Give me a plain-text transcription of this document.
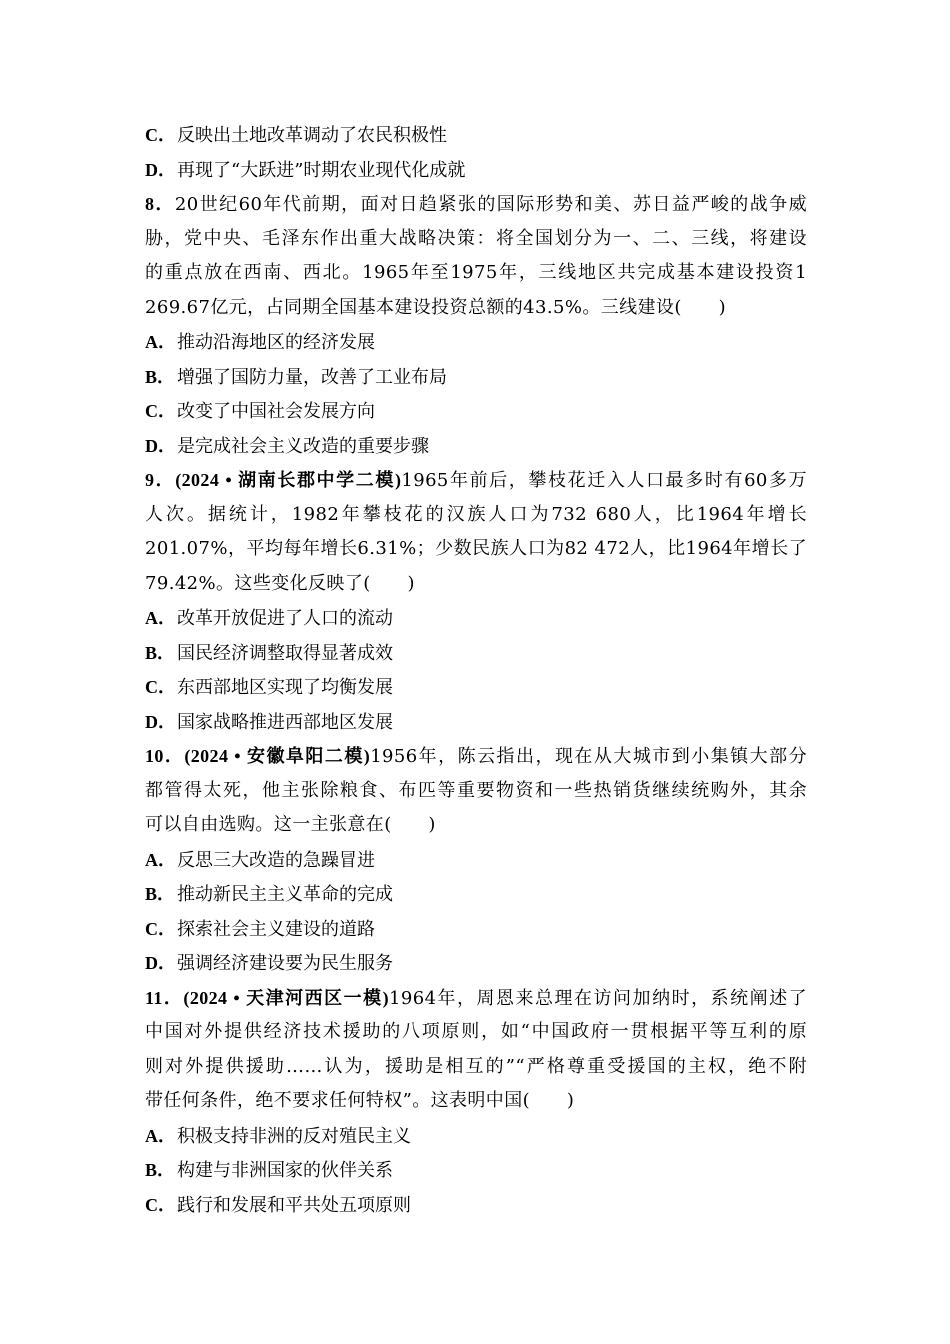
C．反映出土地改革调动了农民积极性
D．再现了“大跃进”时期农业现代化成就
8．20世纪60年代前期，面对日趋紧张的国际形势和美、苏日益严峻的战争威
胁，党中央、毛泽东作出重大战略决策：将全国划分为一、二、三线，将建设
的重点放在西南、西北。1965年至1975年，三线地区共完成基本建设投资1
269.67亿元，占同期全国基本建设投资总额的43.5%。三线建设(　　)
A．推动沿海地区的经济发展
B． 增强了国防力量，改善了工业布局
C．改变了中国社会发展方向
D．是完成社会主义改造的重要步骤
9．(2024 • 湖南长郡中学二模)1965年前后，攀枝花迁入人口最多时有60多万
人次。据统计，1982年攀枝花的汉族人口为732 680人，比1964年增长
201.07%，平均每年增长6.31%；少数民族人口为82 472人，比1964年增长了
79.42%。这些变化反映了(　　)
A．改革开放促进了人口的流动
B． 国民经济调整取得显著成效
C．东西部地区实现了均衡发展
D．国家战略推进西部地区发展
10．(2024 • 安徽阜阳二模)1956年，陈云指出，现在从大城市到小集镇大部分
都管得太死，他主张除粮食、布匹等重要物资和一些热销货继续统购外，其余
可以自由选购。这一主张意在(　　)
A．反思三大改造的急躁冒进
B． 推动新民主主义革命的完成
C．探索社会主义建设的道路
D．强调经济建设要为民生服务
11．(2024 • 天津河西区一模)1964年，周恩来总理在访问加纳时，系统阐述了
中国对外提供经济技术援助的八项原则，如“中国政府一贯根据平等互利的原
则对外提供援助……认为，援助是相互的”“严格尊重受援国的主权，绝不附
带任何条件，绝不要求任何特权”。这表明中国(　　)
A．积极支持非洲的反对殖民主义
B． 构建与非洲国家的伙伴关系
C．践行和发展和平共处五项原则
